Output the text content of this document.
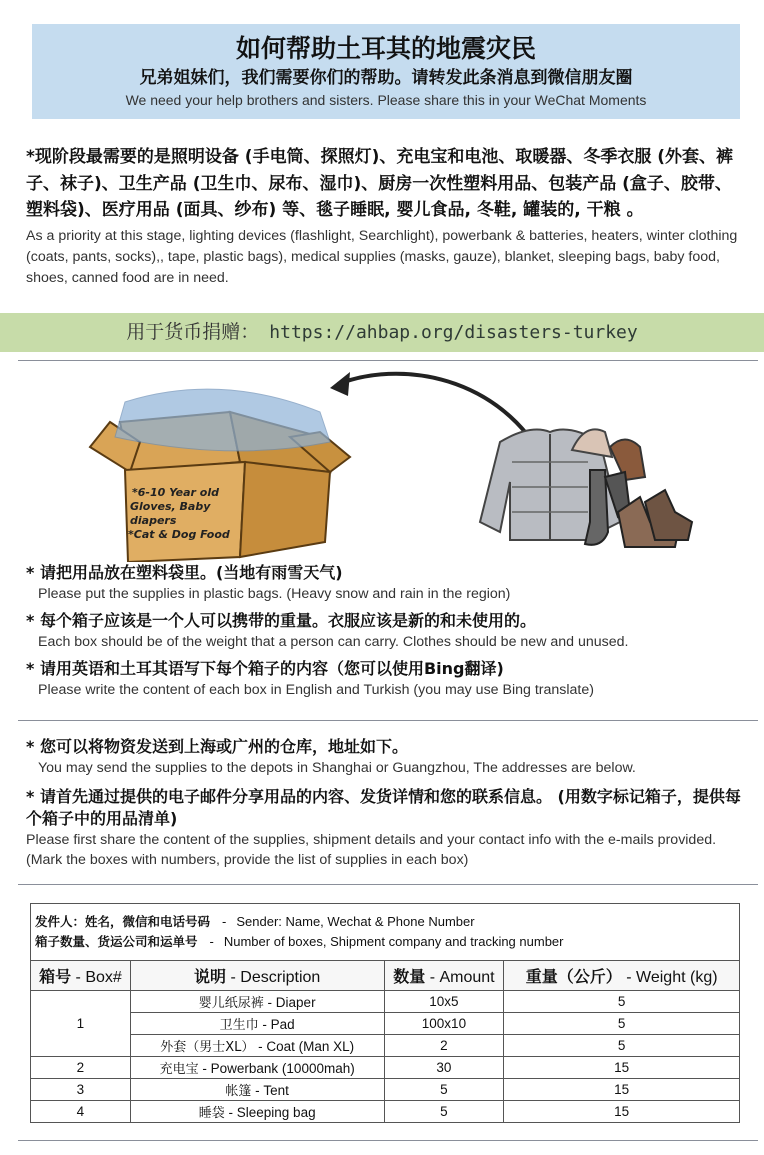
如何帮助土耳其的地震灾民
兄弟姐妹们，我们需要你们的帮助。请转发此条消息到微信朋友圈
We need your help brothers and sisters. Please share this in your WeChat Moments
*现阶段最需要的是照明设备 (手电筒、探照灯)、充电宝和电池、取暖器、冬季衣服 (外套、裤子、袜子)、卫生产品 (卫生巾、尿布、湿巾)、厨房一次性塑料用品、包装产品 (盒子、胶带、塑料袋)、医疗用品 (面具、纱布) 等、毯子睡眠, 婴儿食品, 冬鞋, 罐装的, 干粮 。
As a priority at this stage, lighting devices (flashlight, Searchlight), powerbank & batteries, heaters, winter clothing (coats, pants, socks),, tape, plastic bags), medical supplies (masks, gauze), blanket, sleeping bags, baby food, shoes, canned food are in need.
用于货币捐赠： https://ahbap.org/disasters-turkey
*6-10 Year old
Gloves, Baby
diapers
*Cat & Dog Food
* 请把用品放在塑料袋里。(当地有雨雪天气)
Please put the supplies in plastic bags. (Heavy snow and rain in the region)
* 每个箱子应该是一个人可以携带的重量。衣服应该是新的和未使用的。
Each box should be of the weight that a person can carry. Clothes should be new and unused.
* 请用英语和土耳其语写下每个箱子的内容（您可以使用Bing翻译)
Please write the content of each box in English and Turkish (you may use Bing translate)
* 您可以将物资发送到上海或广州的仓库，地址如下。
You may send the supplies to the depots in Shanghai or Guangzhou, The addresses are below.
* 请首先通过提供的电子邮件分享用品的内容、发货详情和您的联系信息。 (用数字标记箱子，提供每个箱子中的用品清单)
Please first share the content of the supplies, shipment details and your contact info with the e-mails provided. (Mark the boxes with numbers, provide the list of supplies in each box)
发件人：姓名，微信和电话号码 - Sender: Name, Wechat & Phone Number
箱子数量、货运公司和运单号 - Number of boxes, Shipment company and tracking number			

箱号 - Box#	说明 - Description	数量 - Amount	重量（公斤） - Weight (kg)
1	婴儿纸尿裤 - Diaper	10x5	5
	卫生巾 - Pad	100x10	5
	外套（男士XL） - Coat (Man XL)	2	5
2	充电宝 - Powerbank (10000mah)	30	15
3	帐篷 - Tent	5	15
4	睡袋 - Sleeping bag	5	15
